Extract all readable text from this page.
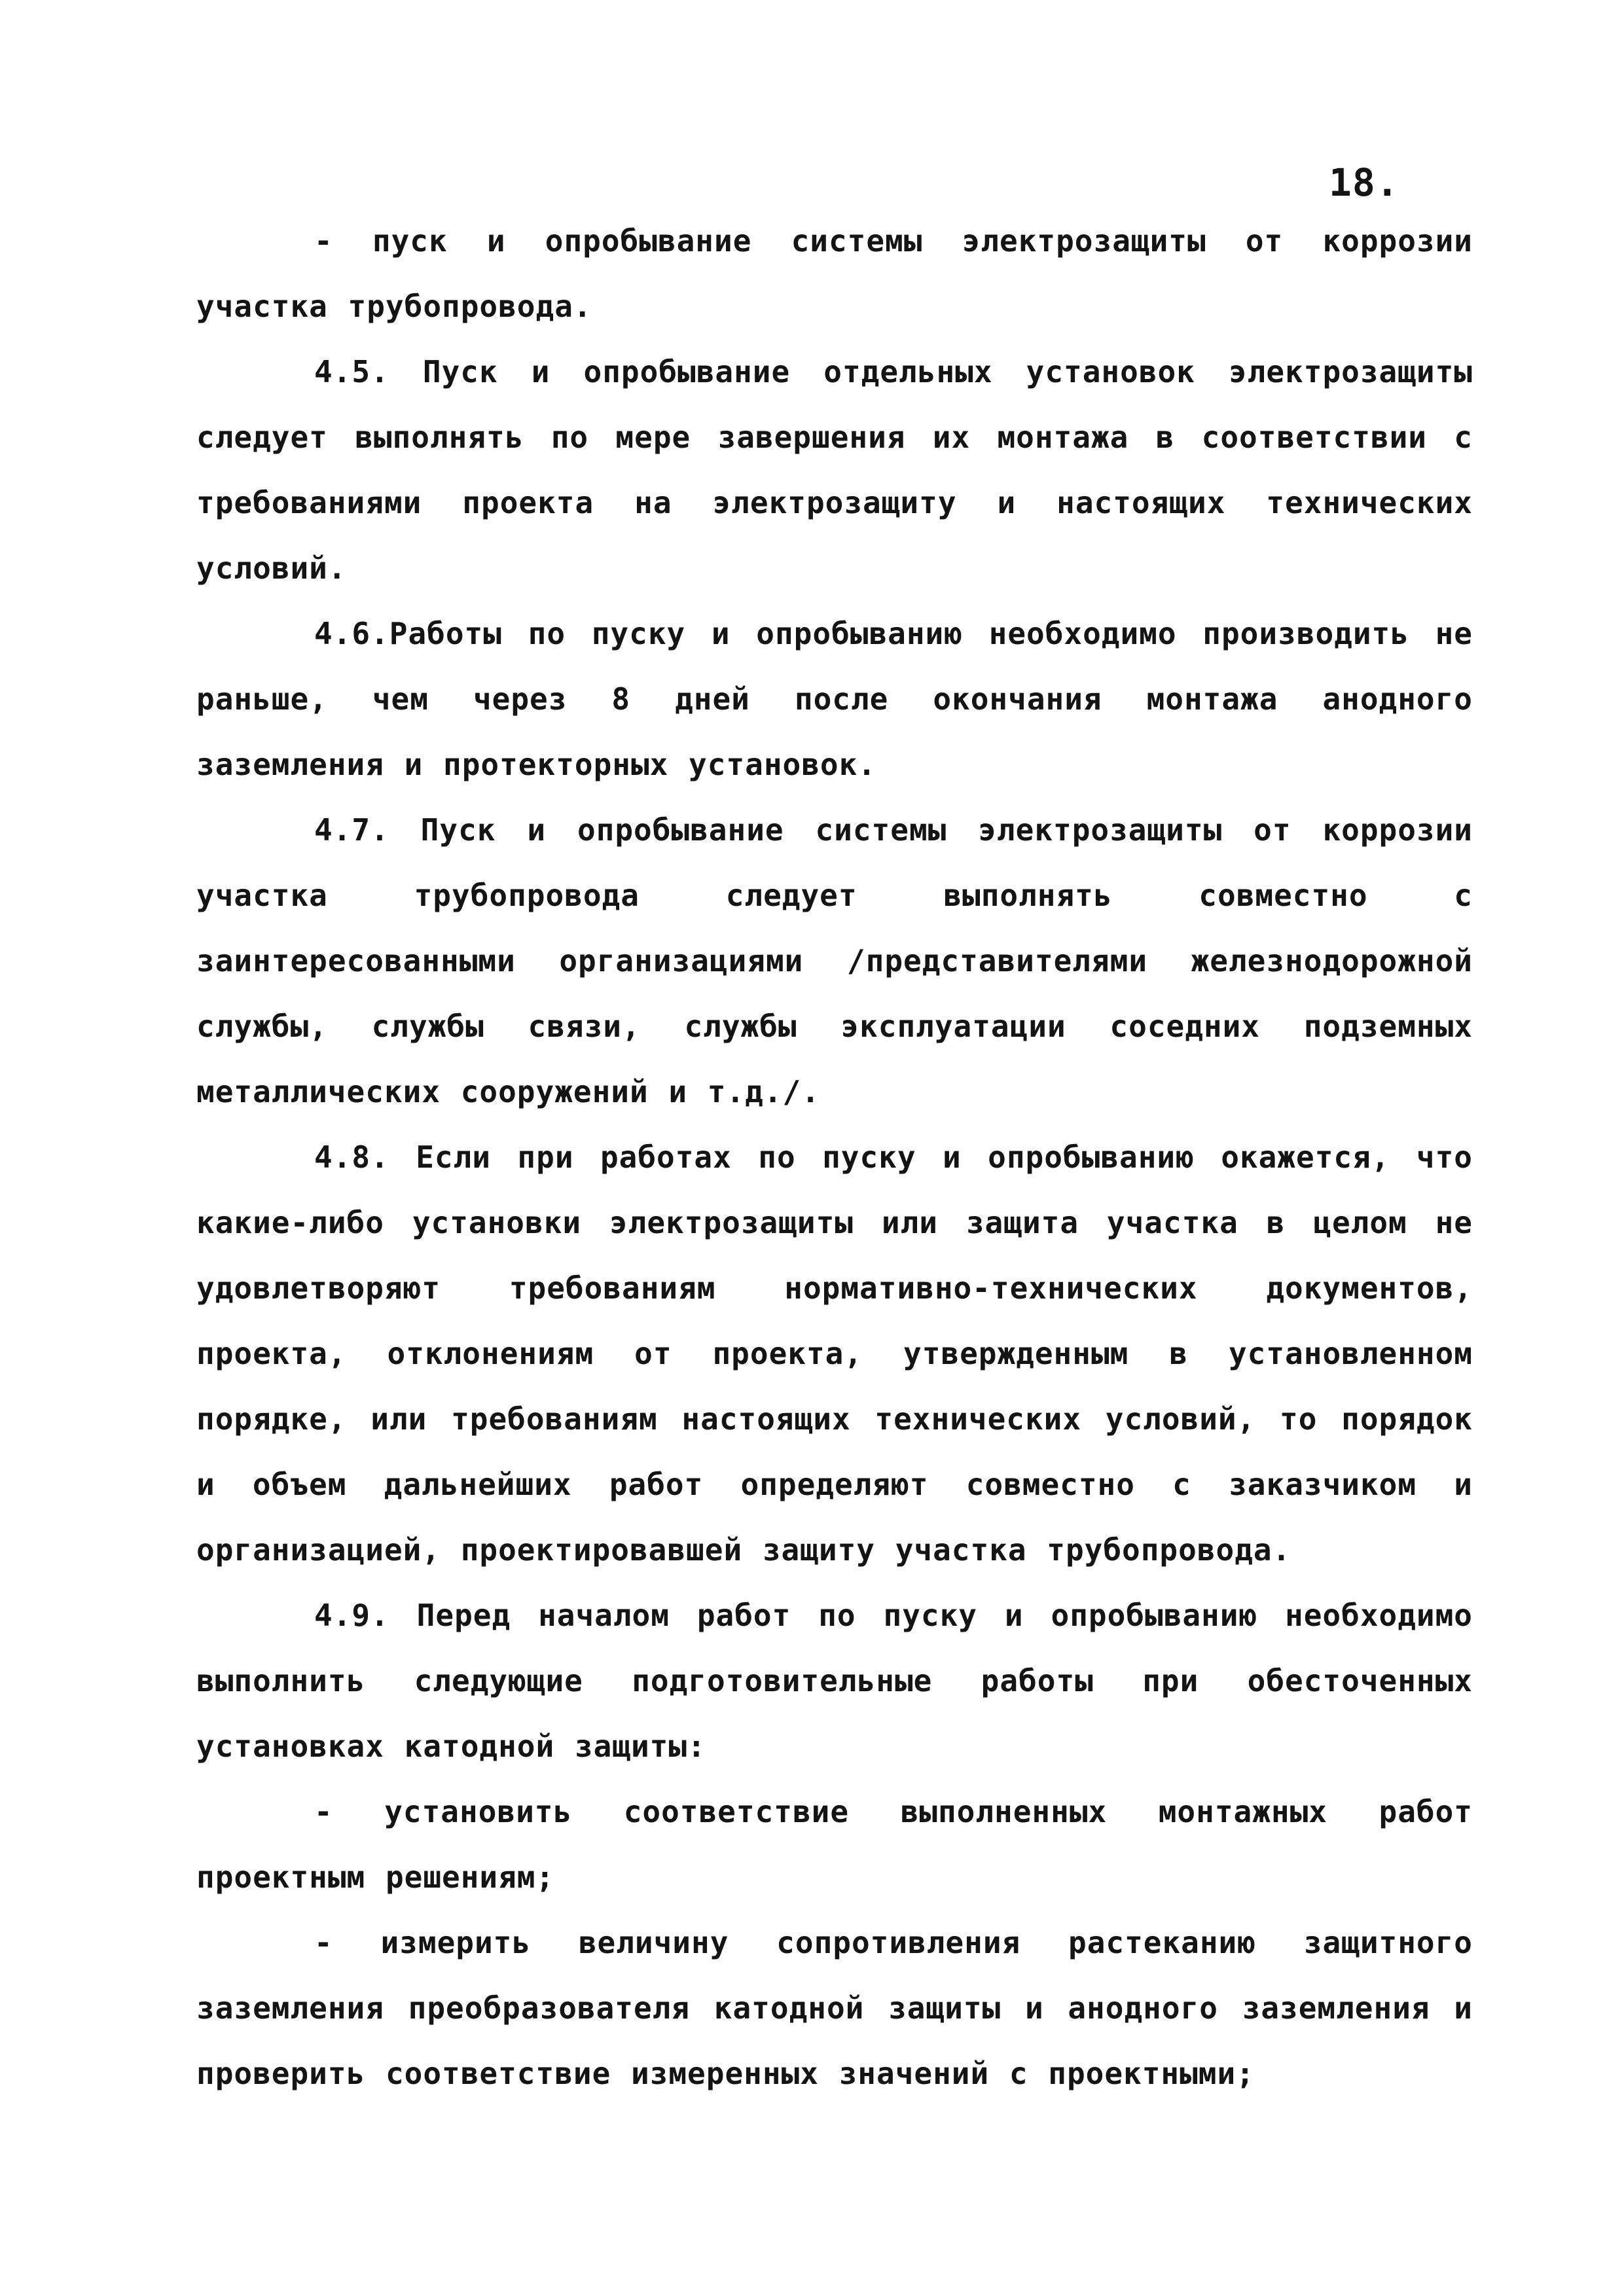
18.

- пуск и опробывание системы электрозащиты от коррозии участка трубопровода.

4.5. Пуск и опробывание отдельных установок электрозащиты следует выполнять по мере завершения их монтажа в соответствии с требованиями проекта на электрозащиту и настоящих технических условий.

4.6.Работы по пуску и опробыванию необходимо производить не раньше, чем через 8 дней после окончания монтажа анодного заземления и протекторных установок.

4.7. Пуск и опробывание системы электрозащиты от коррозии участка трубопровода следует выполнять совместно с заинтересованными организациями /представителями железнодорожной службы, службы связи, службы эксплуатации соседних подземных металлических сооружений и т.д./.

4.8. Если при работах по пуску и опробыванию окажется, что какие-либо установки электрозащиты или защита участка в целом не удовлетворяют требованиям нормативно-технических документов, проекта, отклонениям от проекта, утвержденным в установленном порядке, или требованиям настоящих технических условий, то порядок и объем дальнейших работ определяют совместно с заказчиком и организацией, проектировавшей защиту участка трубопровода.

4.9. Перед началом работ по пуску и опробыванию необходимо выполнить следующие подготовительные работы при обесточенных установках катодной защиты:

- установить соответствие выполненных монтажных работ проектным решениям;

- измерить величину сопротивления растеканию защитного заземления преобразователя катодной защиты и анодного заземления и проверить соответствие измеренных значений с проектными;
